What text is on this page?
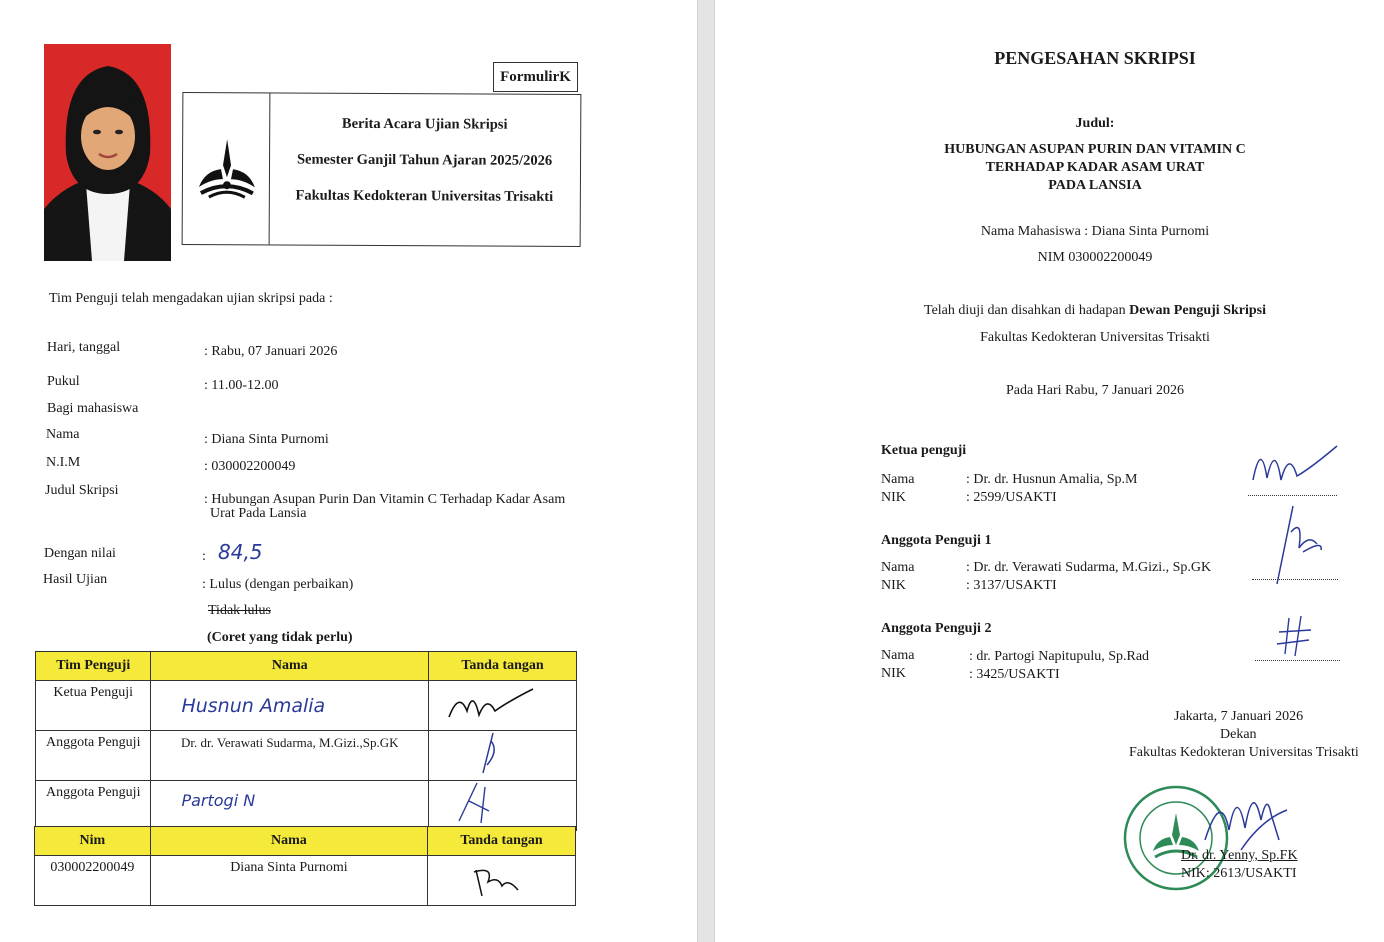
FormulirK
Berita Acara Ujian Skripsi
Semester Ganjil Tahun Ajaran 2025/2026
Fakultas Kedokteran Universitas Trisakti
Tim Penguji telah mengadakan ujian skripsi pada :
Hari, tanggal	: Rabu, 07 Januari 2026
Pukul	: 11.00-12.00
Bagi mahasiswa
Nama	: Diana Sinta Purnomi
N.I.M	: 030002200049
Judul Skripsi
: Hubungan Asupan Purin Dan Vitamin C Terhadap Kadar Asam
Urat Pada Lansia
Dengan nilai	: 84,5
Hasil Ujian	: Lulus (dengan perbaikan)
Tidak lulus
(Coret yang tidak perlu)
Tim Penguji	Nama	Tanda tangan
Ketua Penguji	Husnun Amalia	
Anggota Penguji	Dr. dr. Verawati Sudarma, M.Gizi.,Sp.GK	
Anggota Penguji	Partogi N	
Nim	Nama	Tanda tangan
030002200049	Diana Sinta Purnomi	
PENGESAHAN SKRIPSI
Judul:
HUBUNGAN ASUPAN PURIN DAN VITAMIN C
TERHADAP KADAR ASAM URAT
PADA LANSIA
Nama Mahasiswa : Diana Sinta Purnomi
NIM 030002200049
Telah diuji dan disahkan di hadapan Dewan Penguji Skripsi
Fakultas Kedokteran Universitas Trisakti
Pada Hari Rabu, 7 Januari 2026
Ketua penguji
Nama	: Dr. dr. Husnun Amalia, Sp.M
NIK	: 2599/USAKTI
Anggota Penguji 1
Nama	: Dr. dr. Verawati Sudarma, M.Gizi., Sp.GK
NIK	: 3137/USAKTI
Anggota Penguji 2
Nama	: dr. Partogi Napitupulu, Sp.Rad
NIK	: 3425/USAKTI
Jakarta, 7 Januari 2026
Dekan
Fakultas Kedokteran Universitas Trisakti
Dr. dr. Yenny, Sp.FK
NIK: 2613/USAKTI
